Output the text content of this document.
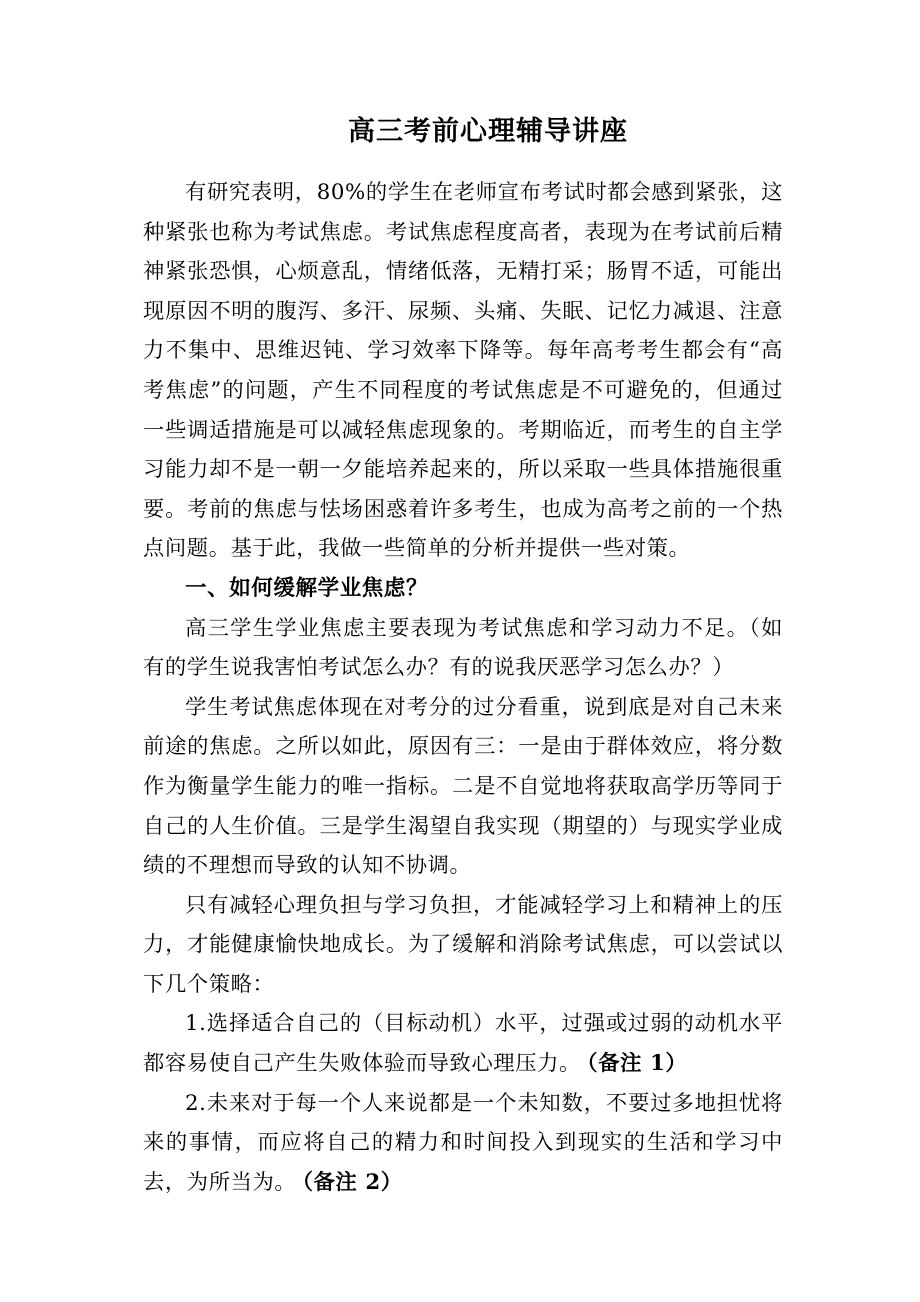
高三考前心理辅导讲座

有研究表明，80%的学生在老师宣布考试时都会感到紧张，这种紧张也称为考试焦虑。考试焦虑程度高者，表现为在考试前后精神紧张恐惧，心烦意乱，情绪低落，无精打采；肠胃不适，可能出现原因不明的腹泻、多汗、尿频、头痛、失眠、记忆力减退、注意力不集中、思维迟钝、学习效率下降等。每年高考考生都会有“高考焦虑”的问题，产生不同程度的考试焦虑是不可避免的，但通过一些调适措施是可以减轻焦虑现象的。考期临近，而考生的自主学习能力却不是一朝一夕能培养起来的，所以采取一些具体措施很重要。考前的焦虑与怯场困惑着许多考生，也成为高考之前的一个热点问题。基于此，我做一些简单的分析并提供一些对策。

一、如何缓解学业焦虑？

高三学生学业焦虑主要表现为考试焦虑和学习动力不足。（如有的学生说我害怕考试怎么办？有的说我厌恶学习怎么办？）

学生考试焦虑体现在对考分的过分看重，说到底是对自己未来前途的焦虑。之所以如此，原因有三：一是由于群体效应，将分数作为衡量学生能力的唯一指标。二是不自觉地将获取高学历等同于自己的人生价值。三是学生渴望自我实现（期望的）与现实学业成绩的不理想而导致的认知不协调。

只有减轻心理负担与学习负担，才能减轻学习上和精神上的压力，才能健康愉快地成长。为了缓解和消除考试焦虑，可以尝试以下几个策略：

1.选择适合自己的（目标动机）水平，过强或过弱的动机水平都容易使自己产生失败体验而导致心理压力。 （备注 1）

2.未来对于每一个人来说都是一个未知数，不要过多地担忧将来的事情，而应将自己的精力和时间投入到现实的生活和学习中去，为所当为。 （备注 2）
